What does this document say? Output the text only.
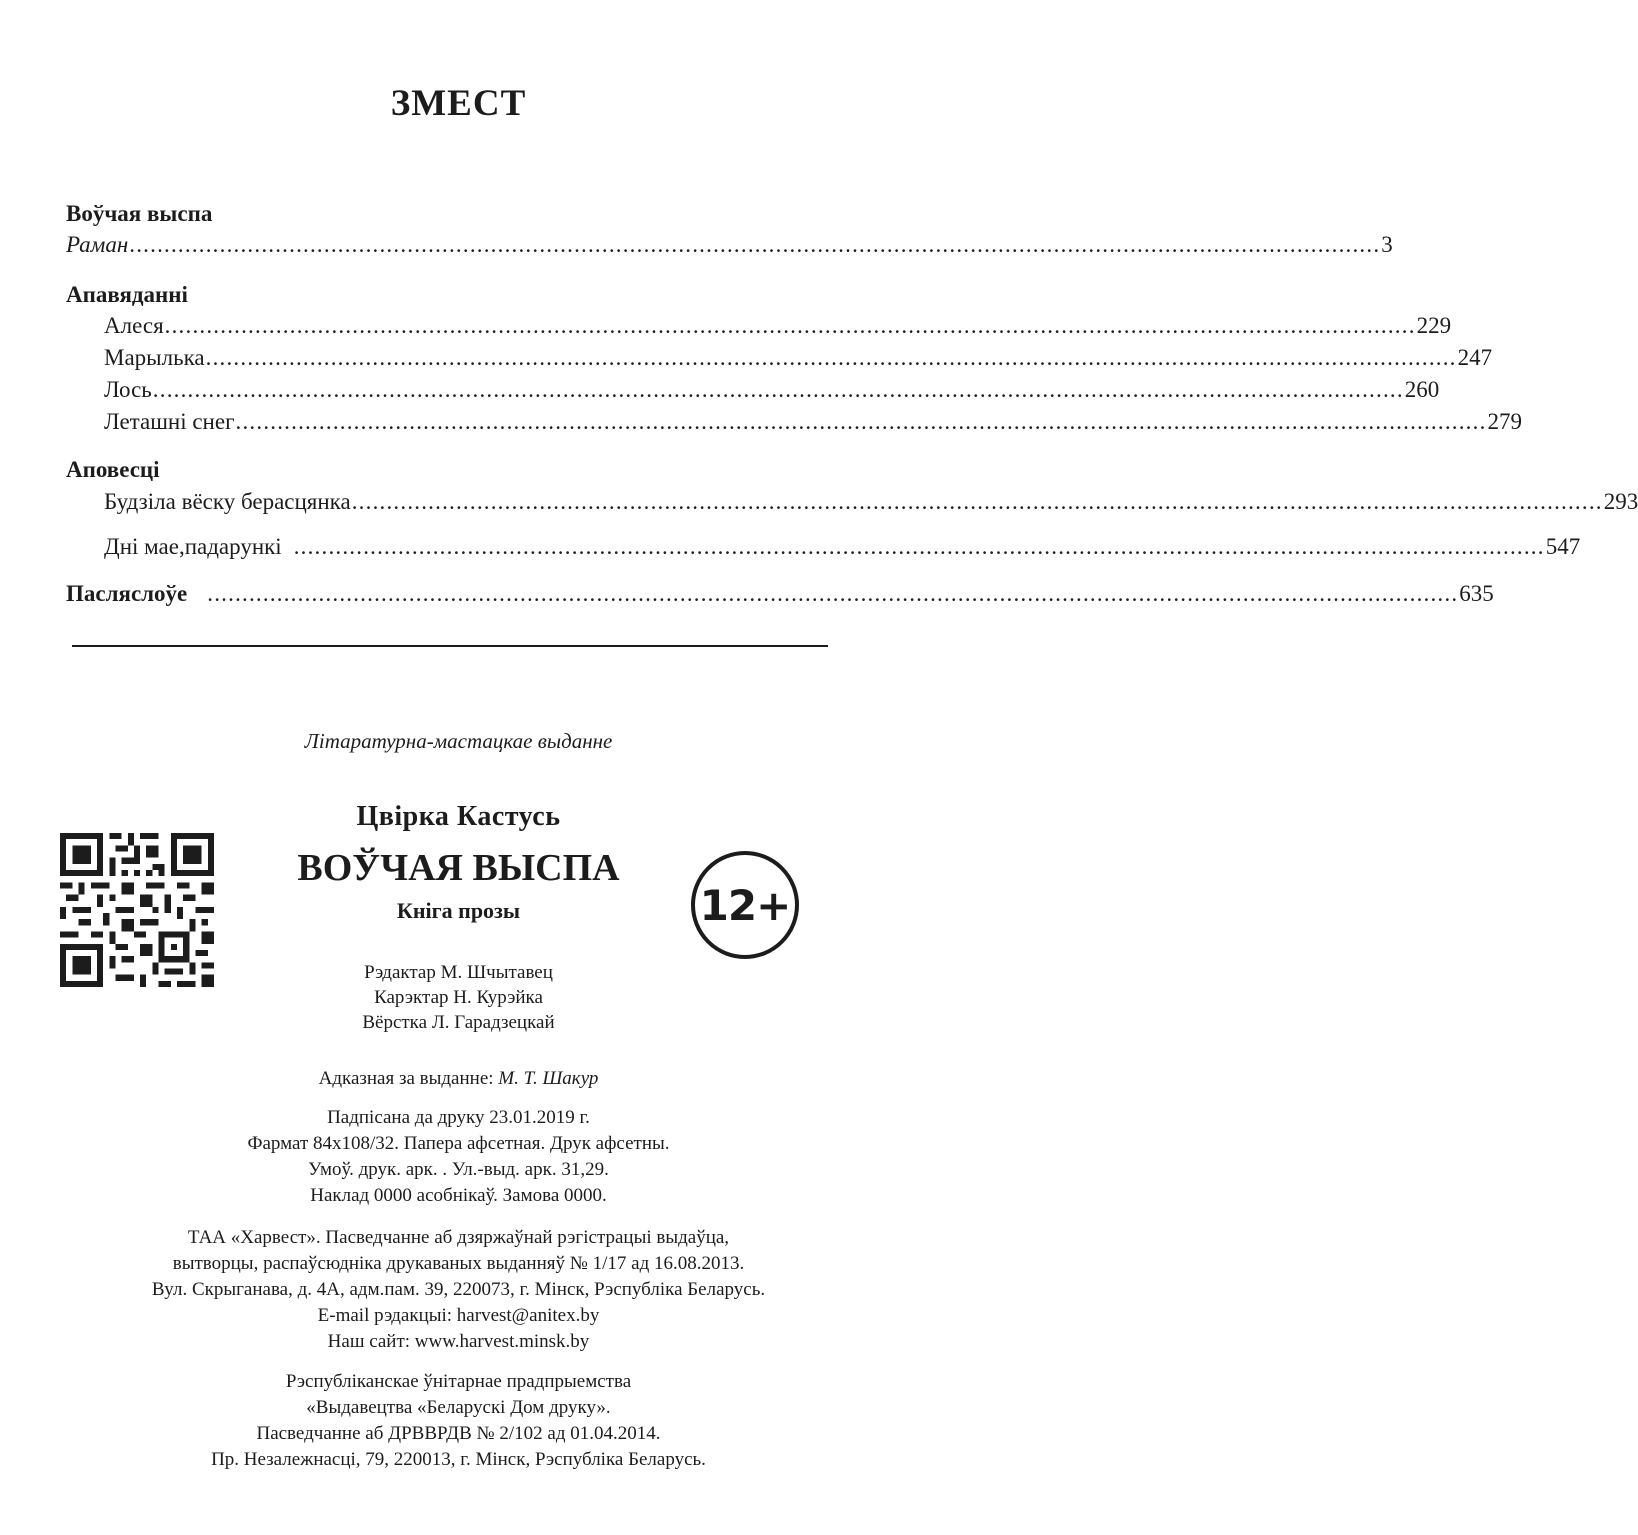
ЗМЕСТ
Воўчая выспа
Раман .................................................................................................................................................................................... 3
Апавяданні
Алеся .................................................................................................................................................................................... 229
Марылька .................................................................................................................................................................................... 247
Лось .................................................................................................................................................................................... 260
Леташні снег .................................................................................................................................................................................... 279
Аповесці
Будзіла вёску берасцянка .................................................................................................................................................................................... 293
Дні мае,падарункі .................................................................................................................................................................................... 547
Пасляслоўе .................................................................................................................................................................................... 635
Літаратурна-мастацкае выданне
Цвірка Кастусь
ВОЎЧАЯ ВЫСПА
Кніга прозы	12+
Рэдактар М. Шчытавец
Карэктар Н. Курэйка
Вёрстка Л. Гарадзецкай
Адказная за выданне: М. Т. Шакур
Падпісана да друку 23.01.2019 г.
Фармат 84x108/32. Папера афсетная. Друк афсетны.
Умоў. друк. арк. . Ул.-выд. арк. 31,29.
Наклад 0000 асобнікаў. Замова 0000.
ТАА «Харвест». Пасведчанне аб дзяржаўнай рэгістрацыі выдаўца,
вытворцы, распаўсюдніка друкаваных выданняў № 1/17 ад 16.08.2013.
Вул. Скрыганава, д. 4А, адм.пам. 39, 220073, г. Мінск, Рэспубліка Беларусь.
E-mail рэдакцыі: harvest@anitex.by
Наш сайт: www.harvest.minsk.by
Рэспубліканскае ўнітарнае прадпрыемства
«Выдавецтва «Беларускі Дом друку».
Пасведчанне аб ДРВВРДВ № 2/102 ад 01.04.2014.
Пр. Незалежнасці, 79, 220013, г. Мінск, Рэспубліка Беларусь.
